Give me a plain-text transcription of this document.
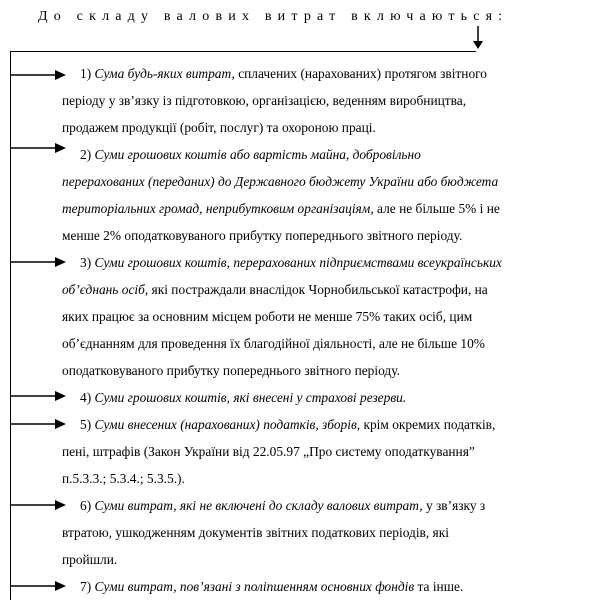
До складу валових витрат включаються:
1) Сума будь-яких витрат, сплачених (нарахованих) протягом звітного
періоду у зв’язку із підготовкою, організацією, веденням виробництва,
продажем продукції (робіт, послуг) та охороною праці.
2) Суми грошових коштів або вартість майна, добровільно
перерахованих (переданих) до Державного бюджету України або бюджета
територіальних громад, неприбутковим організаціям, але не більше 5% і не
менше 2% оподатковуваного прибутку попереднього звітного періоду.
3) Суми грошових коштів, перерахованих підприємствами всеукраїнських
об’єднань осіб, які постраждали внаслідок Чорнобильської катастрофи, на
яких працює за основним місцем роботи не менше 75% таких осіб, цим
об’єднанням для проведення їх благодійної діяльності, але не більше 10%
оподатковуваного прибутку попереднього звітного періоду.
4) Суми грошових коштів, які внесені у страхові резерви.
5) Суми внесених (нарахованих) податків, зборів, крім окремих податків,
пені, штрафів (Закон України від 22.05.97 „Про систему оподаткування”
п.5.3.3.; 5.3.4.; 5.3.5.).
6) Суми витрат, які не включені до складу валових витрат, у зв’язку з
втратою, ушкодженням документів звітних податкових періодів, які
пройшли.
7) Суми витрат, пов’язані з поліпшенням основних фондів та інше.
